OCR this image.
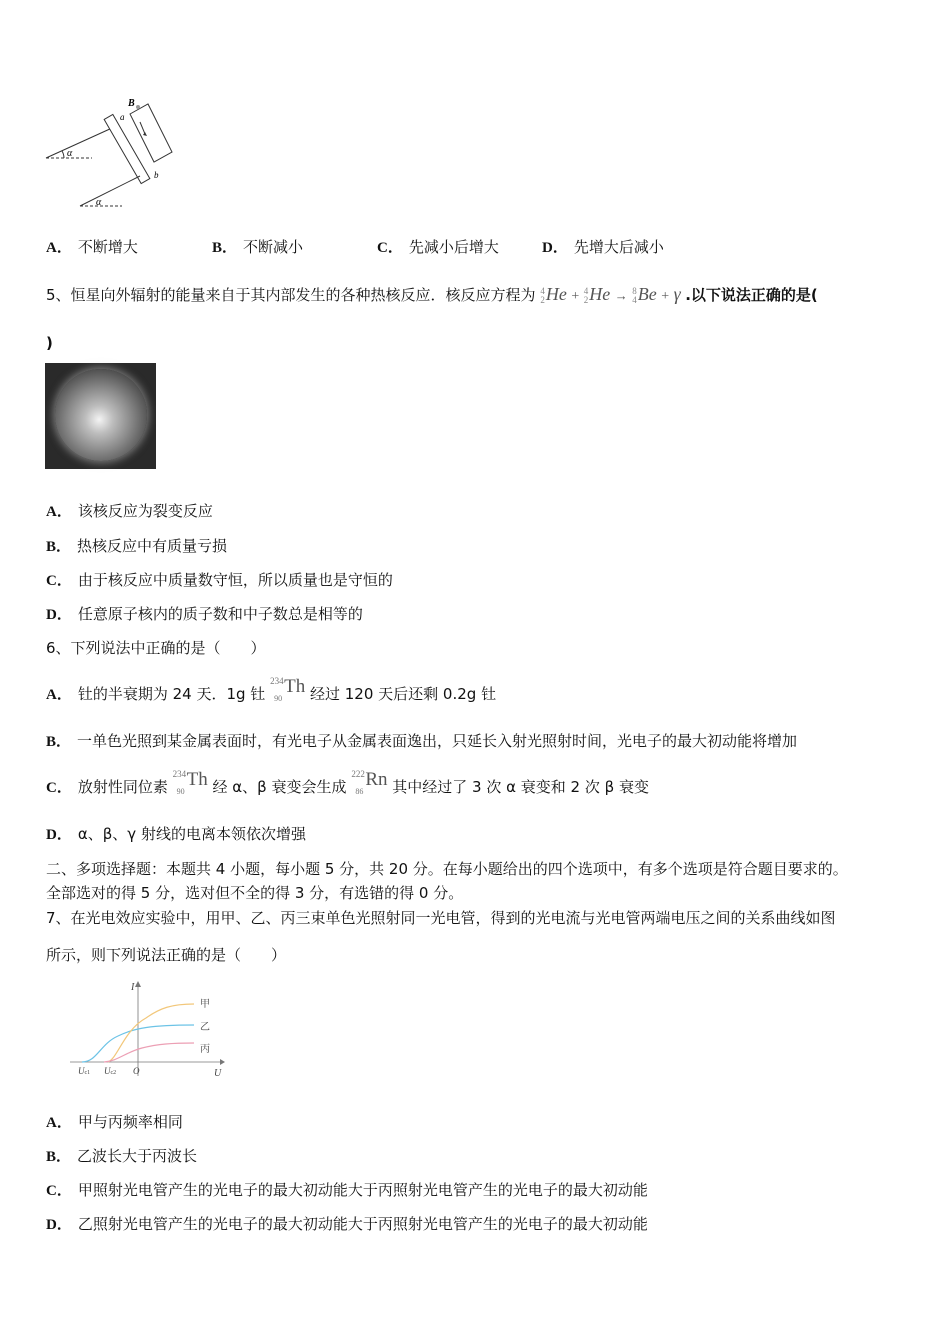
α
B
a
b
α
A． 不断增大	B． 不断减小	C． 先减小后增大	D． 先增大后减小
5、恒星向外辐射的能量来自于其内部发生的各种热核反应．核反应方程为 4
2He + 4
2He → 8
4Be + γ .以下说法正确的是(
)
A． 该核反应为裂变反应
B． 热核反应中有质量亏损
C． 由于核反应中质量数守恒，所以质量也是守恒的
D． 任意原子核内的质子数和中子数总是相等的
6、下列说法中正确的是（　　）
A． 钍的半衰期为 24 天．1g 钍
234
90
Th 经过 120 天后还剩 0.2g 钍
B． 一单色光照到某金属表面时，有光电子从金属表面逸出，只延长入射光照射时间，光电子的最大初动能将增加
C． 放射性同位素
234
90
Th 经 α、β 衰变会生成
222
86
Rn 其中经过了 3 次 α 衰变和 2 次 β 衰变
D． α、β、γ 射线的电离本领依次增强
二、多项选择题：本题共 4 小题，每小题 5 分，共 20 分。在每小题给出的四个选项中，有多个选项是符合题目要求的。
全部选对的得 5 分，选对但不全的得 3 分，有选错的得 0 分。
7、在光电效应实验中，用甲、乙、丙三束单色光照射同一光电管，得到的光电流与光电管两端电压之间的关系曲线如图
所示，则下列说法正确的是（　　）
甲
乙
丙
I
U
Uc1 Uc2 O
A． 甲与丙频率相同
B． 乙波长大于丙波长
C． 甲照射光电管产生的光电子的最大初动能大于丙照射光电管产生的光电子的最大初动能
D． 乙照射光电管产生的光电子的最大初动能大于丙照射光电管产生的光电子的最大初动能
